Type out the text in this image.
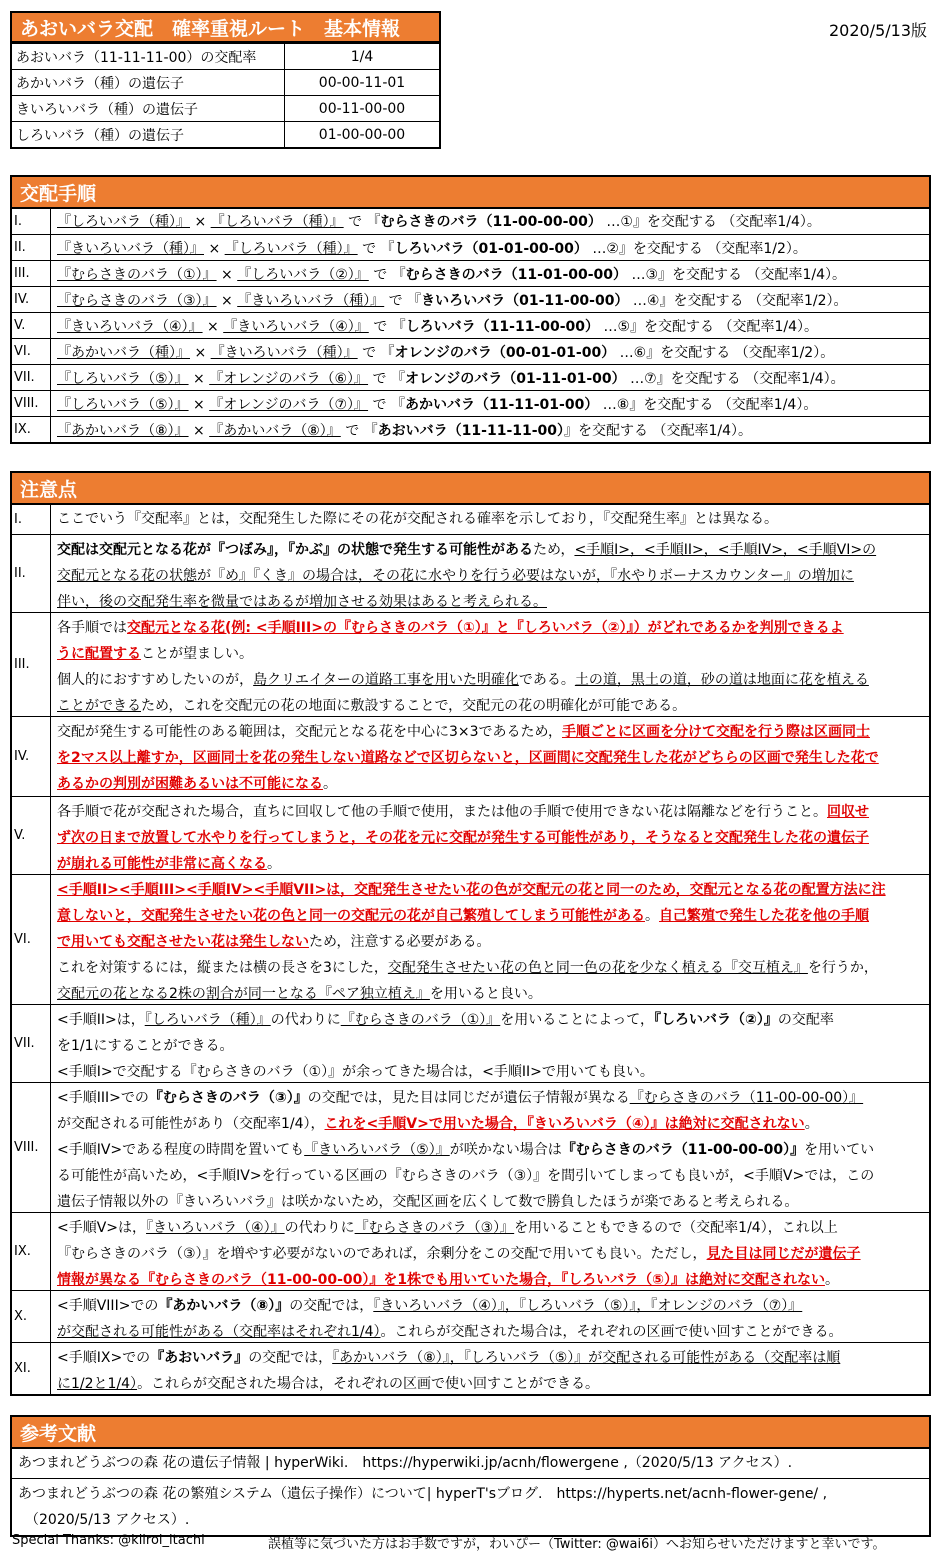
あおいバラ交配　確率重視ルート　基本情報	2020/5/13版
あおいバラ（11-11-11-00）の交配率	1/4
あかいバラ（種）の遺伝子	00-00-11-01
きいろいバラ（種）の遺伝子	00-11-00-00
しろいバラ（種）の遺伝子	01-00-00-00
交配手順
I.	『しろいバラ（種）』 × 『しろいバラ（種）』 で 『むらさきのバラ（11-00-00-00） …①』を交配する （交配率1/4）。
II.	『きいろいバラ（種）』 × 『しろいバラ（種）』 で 『しろいバラ（01-01-00-00） …②』を交配する （交配率1/2）。
III.	『むらさきのバラ（①）』 × 『しろいバラ（②）』 で 『むらさきのバラ（11-01-00-00） …③』を交配する （交配率1/4）。
IV.	『むらさきのバラ（③）』 × 『きいろいバラ（種）』 で 『きいろいバラ（01-11-00-00） …④』を交配する （交配率1/2）。
V.	『きいろいバラ（④）』 × 『きいろいバラ（④）』 で 『しろいバラ（11-11-00-00） …⑤』を交配する （交配率1/4）。
VI.	『あかいバラ（種）』 × 『きいろいバラ（種）』 で 『オレンジのバラ（00-01-01-00） …⑥』を交配する （交配率1/2）。
VII.	『しろいバラ（⑤）』 × 『オレンジのバラ（⑥）』 で 『オレンジのバラ（01-11-01-00） …⑦』を交配する （交配率1/4）。
VIII.	『しろいバラ（⑤）』 × 『オレンジのバラ（⑦）』 で 『あかいバラ（11-11-01-00） …⑧』を交配する （交配率1/4）。
IX.	『あかいバラ（⑧）』 × 『あかいバラ（⑧）』 で 『あおいバラ（11-11-11-00）』を交配する （交配率1/4）。
注意点
I.	ここでいう『交配率』とは，交配発生した際にその花が交配される確率を示しており，『交配発生率』とは異なる。
II.
交配は交配元となる花が『つぼみ』，『かぶ』の状態で発生する可能性があるため，<手順I>，<手順II>，<手順IV>，<手順VI>の
交配元となる花の状態が『め』『くき』の場合は，その花に水やりを行う必要はないが，『水やりボーナスカウンター』の増加に
伴い，後の交配発生率を微量ではあるが増加させる効果はあると考えられる。
III.
各手順では交配元となる花(例: <手順III>の『むらさきのバラ（①）』と『しろいバラ（②）』）がどれであるかを判別できるよ
うに配置することが望ましい。
個人的におすすめしたいのが，島クリエイターの道路工事を用いた明確化である。土の道，黒土の道，砂の道は地面に花を植える
ことができるため，これを交配元の花の地面に敷設することで，交配元の花の明確化が可能である。
IV.
交配が発生する可能性のある範囲は，交配元となる花を中心に3×3であるため，手順ごとに区画を分けて交配を行う際は区画同士
を2マス以上離すか，区画同士を花の発生しない道路などで区切らないと，区画間に交配発生した花がどちらの区画で発生した花で
あるかの判別が困難あるいは不可能になる。
V.
各手順で花が交配された場合，直ちに回収して他の手順で使用，または他の手順で使用できない花は隔離などを行うこと。回収せ
ず次の日まで放置して水やりを行ってしまうと，その花を元に交配が発生する可能性があり，そうなると交配発生した花の遺伝子
が崩れる可能性が非常に高くなる。
VI.
<手順II><手順III><手順IV><手順VII>は，交配発生させたい花の色が交配元の花と同一のため，交配元となる花の配置方法に注
意しないと，交配発生させたい花の色と同一の交配元の花が自己繁殖してしまう可能性がある。自己繁殖で発生した花を他の手順
で用いても交配させたい花は発生しないため，注意する必要がある。
これを対策するには，縦または横の長さを3にした，交配発生させたい花の色と同一色の花を少なく植える『交互植え』を行うか，
交配元の花となる2株の割合が同一となる『ペア独立植え』を用いると良い。
VII.
<手順II>は，『しろいバラ（種）』の代わりに『むらさきのバラ（①）』を用いることによって，『しろいバラ（②）』の交配率
を1/1にすることができる。
<手順I>で交配する『むらさきのバラ（①）』が余ってきた場合は，<手順II>で用いても良い。
VIII.
<手順III>での『むらさきのバラ（③）』の交配では，見た目は同じだが遺伝子情報が異なる『むらさきのバラ（11-00-00-00）』
が交配される可能性があり（交配率1/4），これを<手順V>で用いた場合，『きいろいバラ（④）』は絶対に交配されない。
<手順IV>である程度の時間を置いても『きいろいバラ（⑤）』が咲かない場合は『むらさきのバラ（11-00-00-00）』を用いてい
る可能性が高いため，<手順IV>を行っている区画の『むらさきのバラ（③）』を間引いてしまっても良いが，<手順V>では，この
遺伝子情報以外の『きいろいバラ』は咲かないため，交配区画を広くして数で勝負したほうが楽であると考えられる。
IX.
<手順V>は，『きいろいバラ（④）』の代わりに『むらさきのバラ（③）』を用いることもできるので（交配率1/4），これ以上
『むらさきのバラ（③）』を増やす必要がないのであれば，余剰分をこの交配で用いても良い。ただし，見た目は同じだが遺伝子
情報が異なる『むらさきのバラ（11-00-00-00）』を1株でも用いていた場合，『しろいバラ（⑤）』は絶対に交配されない。
X.
<手順VIII>での『あかいバラ（⑧）』の交配では，『きいろいバラ（④）』，『しろいバラ（⑤）』，『オレンジのバラ（⑦）』
が交配される可能性がある（交配率はそれぞれ1/4）。これらが交配された場合は，それぞれの区画で使い回すことができる。
XI.
<手順IX>での『あおいバラ』の交配では，『あかいバラ（⑧）』，『しろいバラ（⑤）』が交配される可能性がある（交配率は順
に1/2と1/4）。これらが交配された場合は，それぞれの区画で使い回すことができる。
参考文献
あつまれどうぶつの森 花の遺伝子情報 | hyperWiki.　https://hyperwiki.jp/acnh/flowergene ,（2020/5/13 アクセス）.
あつまれどうぶつの森 花の繁殖システム（遺伝子操作）について| hyperT'sブログ.　https://hyperts.net/acnh-flower-gene/ ,
　（2020/5/13 アクセス）.
Special Thanks: @kiiroi_itachi	誤植等に気づいた方はお手数ですが，わいぴー（Twitter: @wai6i）へお知らせいただけますと幸いです。
